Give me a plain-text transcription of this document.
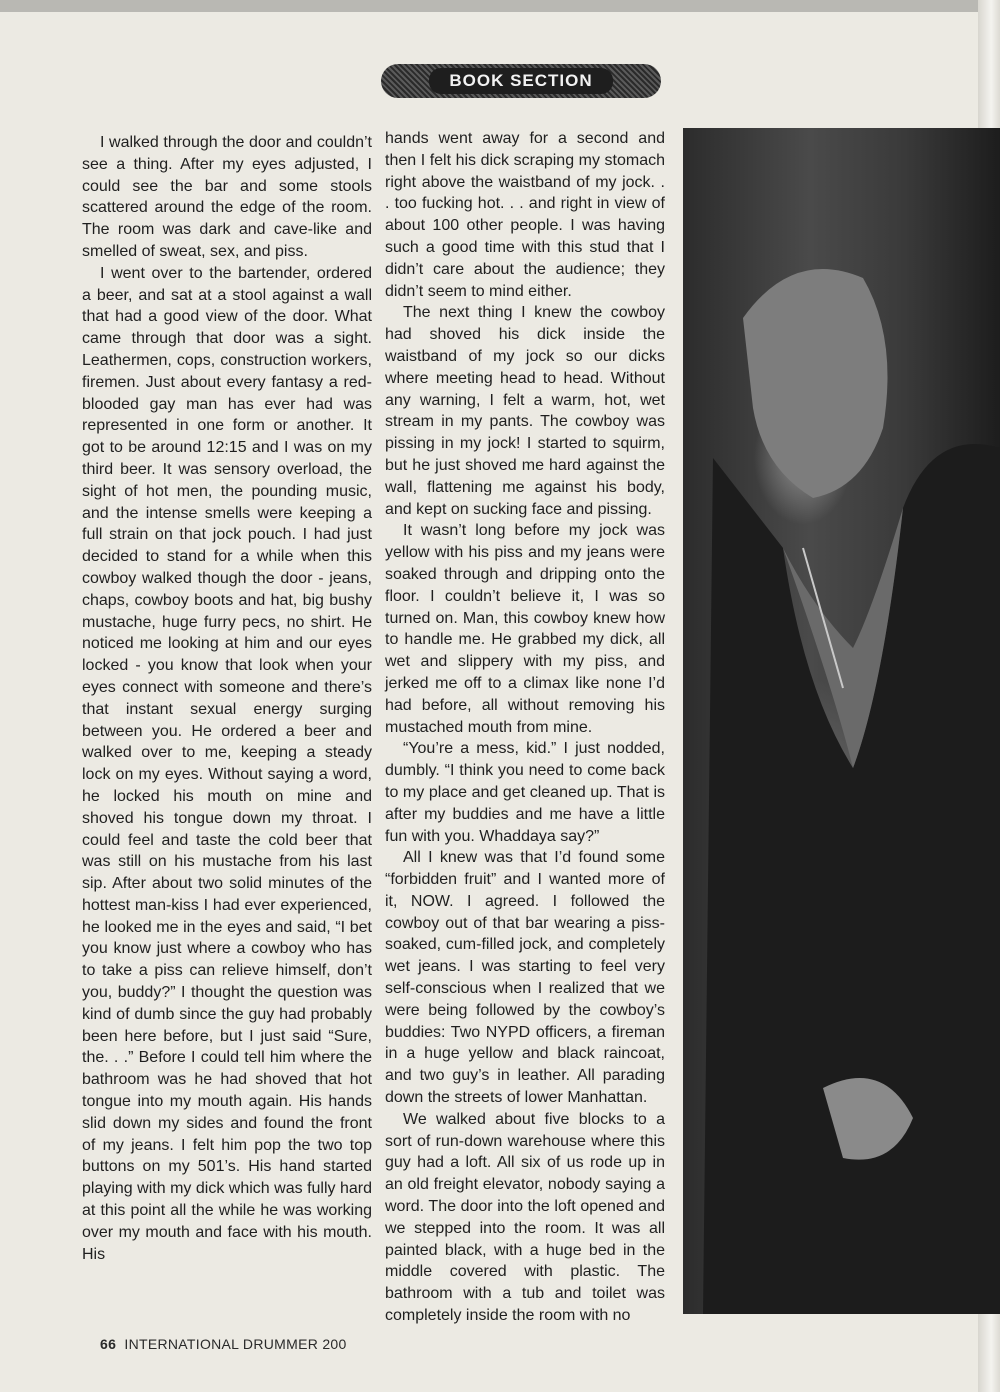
BOOK SECTION

I walked through the door and couldn’t see a thing. After my eyes adjusted, I could see the bar and some stools scattered around the edge of the room. The room was dark and cave-like and smelled of sweat, sex, and piss.

I went over to the bartender, ordered a beer, and sat at a stool against a wall that had a good view of the door. What came through that door was a sight. Leathermen, cops, construction workers, firemen. Just about every fantasy a red-blooded gay man has ever had was represented in one form or another. It got to be around 12:15 and I was on my third beer. It was sensory overload, the sight of hot men, the pounding music, and the intense smells were keeping a full strain on that jock pouch. I had just decided to stand for a while when this cowboy walked though the door - jeans, chaps, cowboy boots and hat, big bushy mustache, huge furry pecs, no shirt. He noticed me looking at him and our eyes locked - you know that look when your eyes connect with someone and there’s that instant sexual energy surging between you. He ordered a beer and walked over to me, keeping a steady lock on my eyes. Without saying a word, he locked his mouth on mine and shoved his tongue down my throat. I could feel and taste the cold beer that was still on his mustache from his last sip. After about two solid minutes of the hottest man-kiss I had ever experienced, he looked me in the eyes and said, “I bet you know just where a cowboy who has to take a piss can relieve himself, don’t you, buddy?” I thought the question was kind of dumb since the guy had probably been here before, but I just said “Sure, the. . .” Before I could tell him where the bathroom was he had shoved that hot tongue into my mouth again. His hands slid down my sides and found the front of my jeans. I felt him pop the two top buttons on my 501’s. His hand started playing with my dick which was fully hard at this point all the while he was working over my mouth and face with his mouth. His

hands went away for a second and then I felt his dick scraping my stomach right above the waistband of my jock. . . too fucking hot. . . and right in view of about 100 other people. I was having such a good time with this stud that I didn’t care about the audience; they didn’t seem to mind either.

The next thing I knew the cowboy had shoved his dick inside the waistband of my jock so our dicks where meeting head to head. Without any warning, I felt a warm, hot, wet stream in my pants. The cowboy was pissing in my jock! I started to squirm, but he just shoved me hard against the wall, flattening me against his body, and kept on sucking face and pissing.

It wasn’t long before my jock was yellow with his piss and my jeans were soaked through and dripping onto the floor. I couldn’t believe it, I was so turned on. Man, this cowboy knew how to handle me. He grabbed my dick, all wet and slippery with my piss, and jerked me off to a climax like none I’d had before, all without removing his mustached mouth from mine.

“You’re a mess, kid.” I just nodded, dumbly. “I think you need to come back to my place and get cleaned up. That is after my buddies and me have a little fun with you. Whaddaya say?”

All I knew was that I’d found some “forbidden fruit” and I wanted more of it, NOW. I agreed. I followed the cowboy out of that bar wearing a piss-soaked, cum-filled jock, and completely wet jeans. I was starting to feel very self-conscious when I realized that we were being followed by the cowboy’s buddies: Two NYPD officers, a fireman in a huge yellow and black raincoat, and two guy’s in leather. All parading down the streets of lower Manhattan.

We walked about five blocks to a sort of run-down warehouse where this guy had a loft. All six of us rode up in an old freight elevator, nobody saying a word. The door into the loft opened and we stepped into the room. It was all painted black, with a huge bed in the middle covered with plastic. The bathroom with a tub and toilet was completely inside the room with no

66 INTERNATIONAL DRUMMER 200
